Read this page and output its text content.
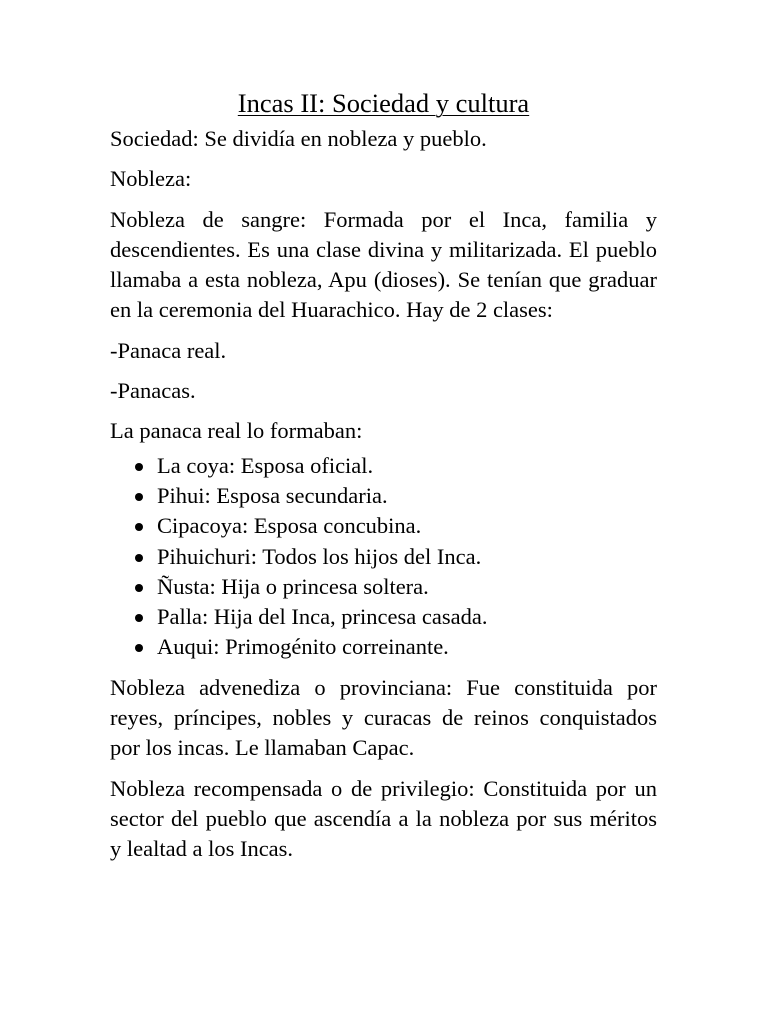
Incas II: Sociedad y cultura

Sociedad: Se dividía en nobleza y pueblo.

Nobleza:

Nobleza de sangre: Formada por el Inca, familia y descendientes. Es una clase divina y militarizada. El pueblo llamaba a esta nobleza, Apu (dioses). Se tenían que graduar en la ceremonia del Huarachico. Hay de 2 clases:

-Panaca real.

-Panacas.

La panaca real lo formaban:

La coya: Esposa oficial.
Pihui: Esposa secundaria.
Cipacoya: Esposa concubina.
Pihuichuri: Todos los hijos del Inca.
Ñusta: Hija o princesa soltera.
Palla: Hija del Inca, princesa casada.
Auqui: Primogénito correinante.

Nobleza advenediza o provinciana: Fue constituida por reyes, príncipes, nobles y curacas de reinos conquistados por los incas. Le llamaban Capac.

Nobleza recompensada o de privilegio: Constituida por un sector del pueblo que ascendía a la nobleza por sus méritos y lealtad a los Incas.
